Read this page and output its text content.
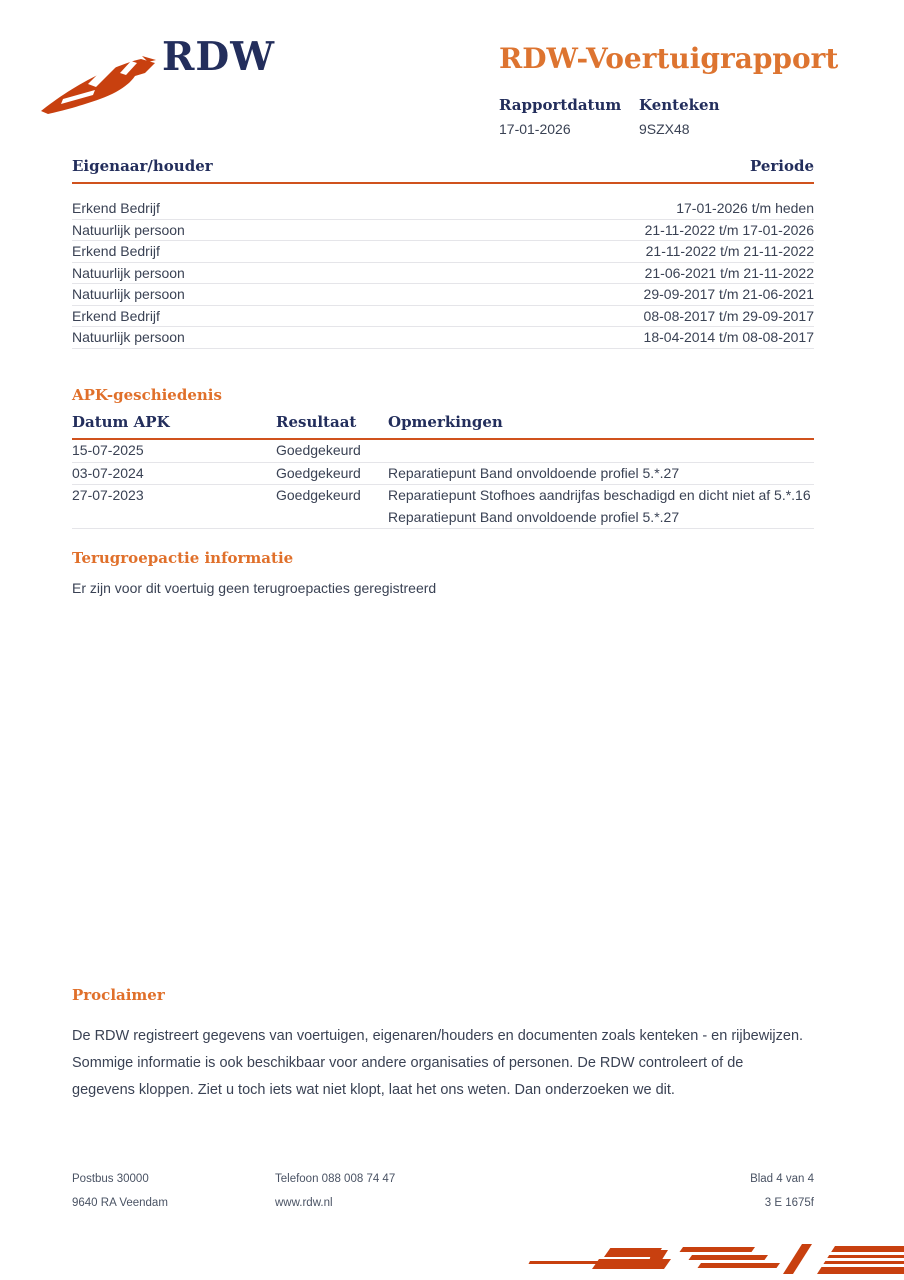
RDW	RDW-Voertuigrapport
Rapportdatum
17-01-2026
Kenteken
9SZX48
Eigenaar/houder	Periode
Erkend Bedrijf	17-01-2026 t/m heden
Natuurlijk persoon	21-11-2022 t/m 17-01-2026
Erkend Bedrijf	21-11-2022 t/m 21-11-2022
Natuurlijk persoon	21-06-2021 t/m 21-11-2022
Natuurlijk persoon	29-09-2017 t/m 21-06-2021
Erkend Bedrijf	08-08-2017 t/m 29-09-2017
Natuurlijk persoon	18-04-2014 t/m 08-08-2017
APK-geschiedenis
Datum APK	Resultaat	Opmerkingen
15-07-2025	Goedgekeurd
03-07-2024	Goedgekeurd	Reparatiepunt Band onvoldoende profiel 5.*.27
27-07-2023	Goedgekeurd	Reparatiepunt Stofhoes aandrijfas beschadigd en dicht niet af 5.*.16
Reparatiepunt Band onvoldoende profiel 5.*.27
Terugroepactie informatie
Er zijn voor dit voertuig geen terugroepacties geregistreerd
Proclaimer
De RDW registreert gegevens van voertuigen, eigenaren/houders en documenten zoals kenteken - en rijbewijzen. Sommige informatie is ook beschikbaar voor andere organisaties of personen. De RDW controleert of de gegevens kloppen. Ziet u toch iets wat niet klopt, laat het ons weten. Dan onderzoeken we dit.
Postbus 30000	Telefoon 088 008 74 47	Blad 4 van 4
9640 RA Veendam	www.rdw.nl	3 E 1675f
